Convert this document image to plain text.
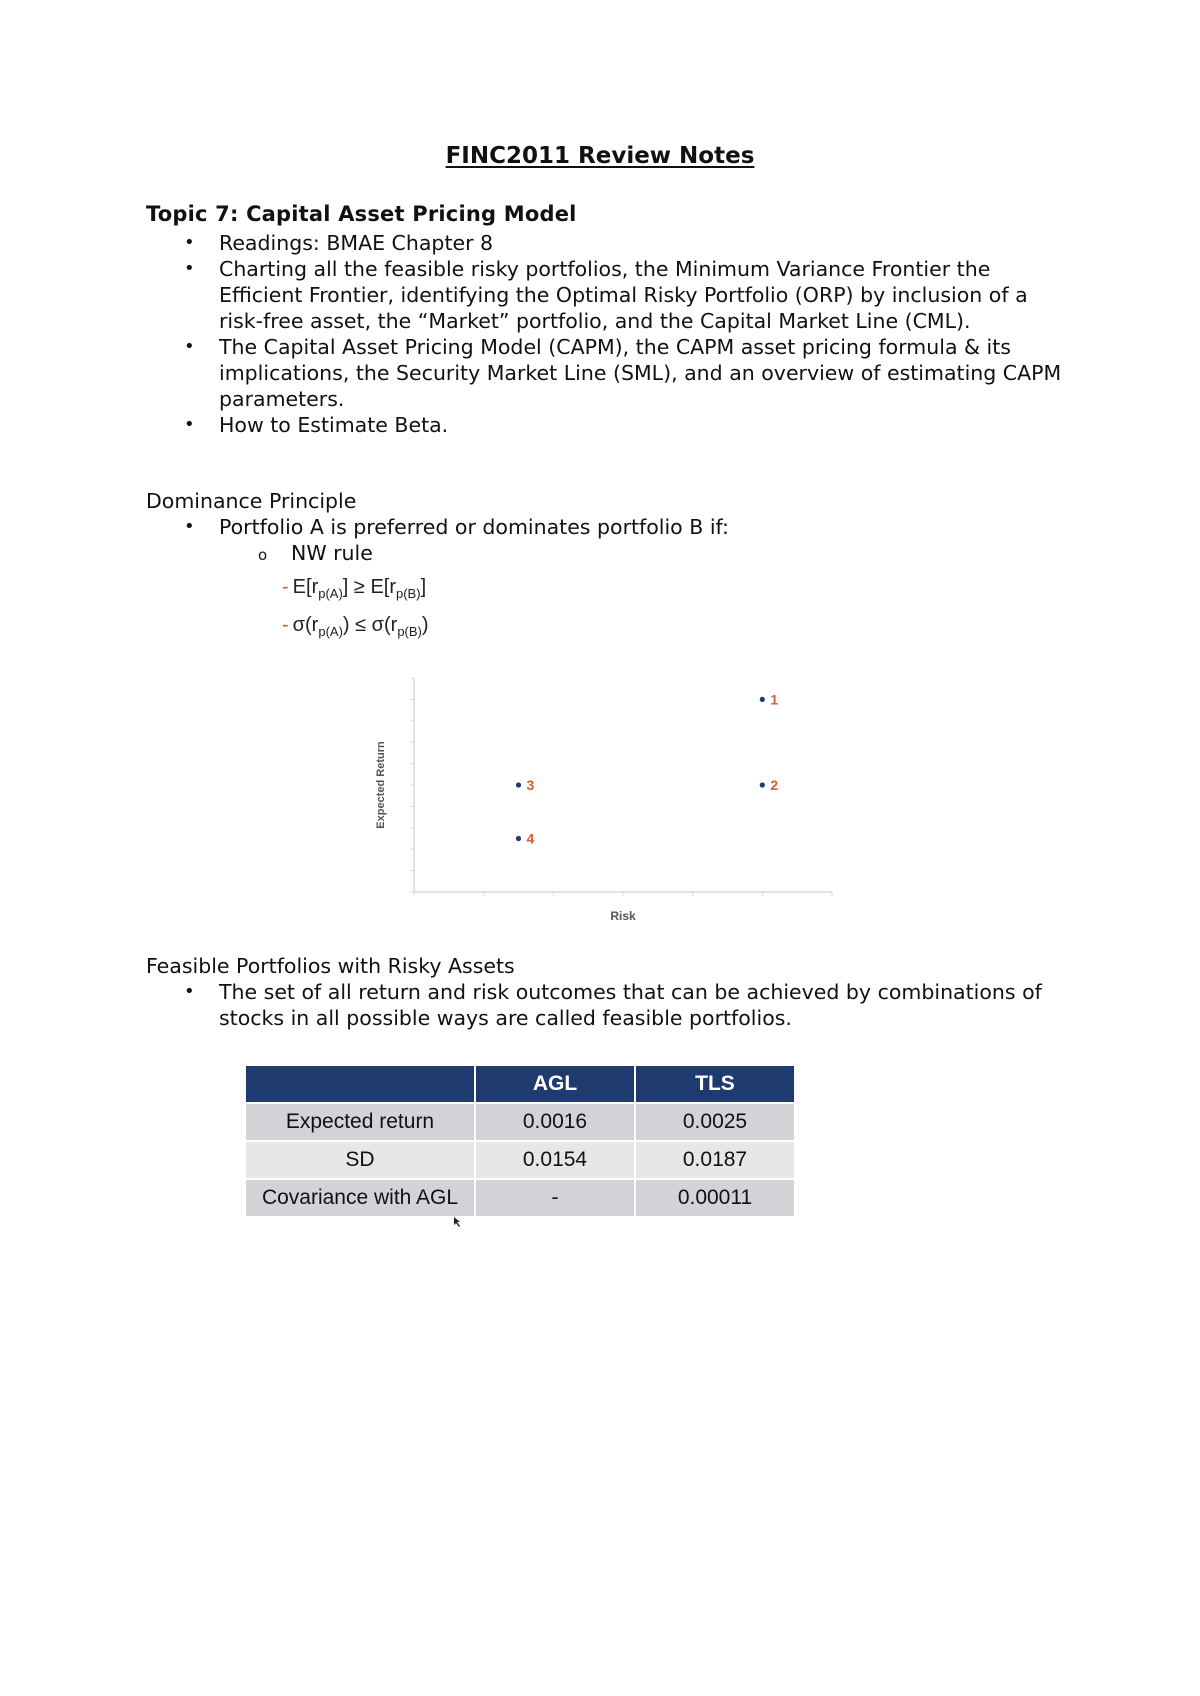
FINC2011 Review Notes
Topic 7: Capital Asset Pricing Model
• Readings: BMAE Chapter 8
• Charting all the feasible risky portfolios, the Minimum Variance Frontier the Efficient Frontier, identifying the Optimal Risky Portfolio (ORP) by inclusion of a risk-free asset, the “Market” portfolio, and the Capital Market Line (CML).
• The Capital Asset Pricing Model (CAPM), the CAPM asset pricing formula & its implications, the Security Market Line (SML), and an overview of estimating CAPM parameters.
• How to Estimate Beta.
Dominance Principle
• Portfolio A is preferred or dominates portfolio B if:
o NW rule
- $E[r_{p(A)}] \ge E[r_{p(B)}]$
- $\sigma(r_{p(A)}) \le \sigma(r_{p(B)})$
Expected Return
Risk
1
2
3
4
Feasible Portfolios with Risky Assets
• The set of all return and risk outcomes that can be achieved by combinations of stocks in all possible ways are called feasible portfolios.
	AGL	TLS
Expected return	0.0016	0.0025
SD	0.0154	0.0187
Covariance with AGL	-	0.00011
